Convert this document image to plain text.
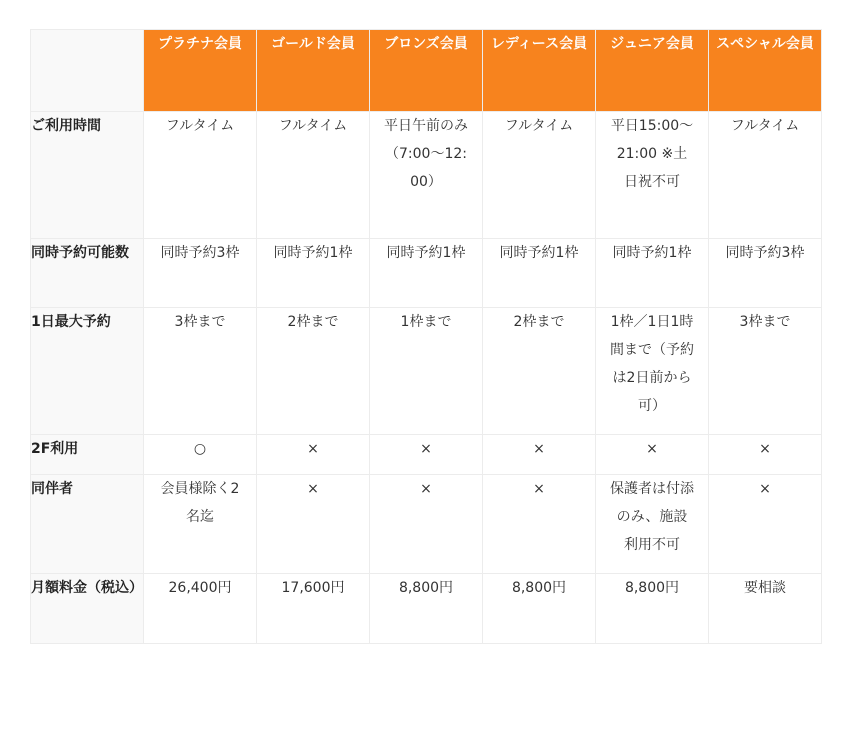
	プラチナ会員	ゴールド会員	ブロンズ会員	レディース会員	ジュニア会員	スペシャル会員
ご利用時間	フルタイム	フルタイム	平日午前のみ（7:00〜12:00）	フルタイム	平日15:00〜21:00 ※土日祝不可	フルタイム
同時予約可能数	同時予約3枠	同時予約1枠	同時予約1枠	同時予約1枠	同時予約1枠	同時予約3枠
1日最大予約	3枠まで	2枠まで	1枠まで	2枠まで	1枠／1日1時間まで（予約は2日前から可）	3枠まで
2F利用	○	×	×	×	×	×
同伴者	会員様除く2名迄	×	×	×	保護者は付添のみ、施設利用不可	×
月額料金（税込）	26,400円	17,600円	8,800円	8,800円	8,800円	要相談
